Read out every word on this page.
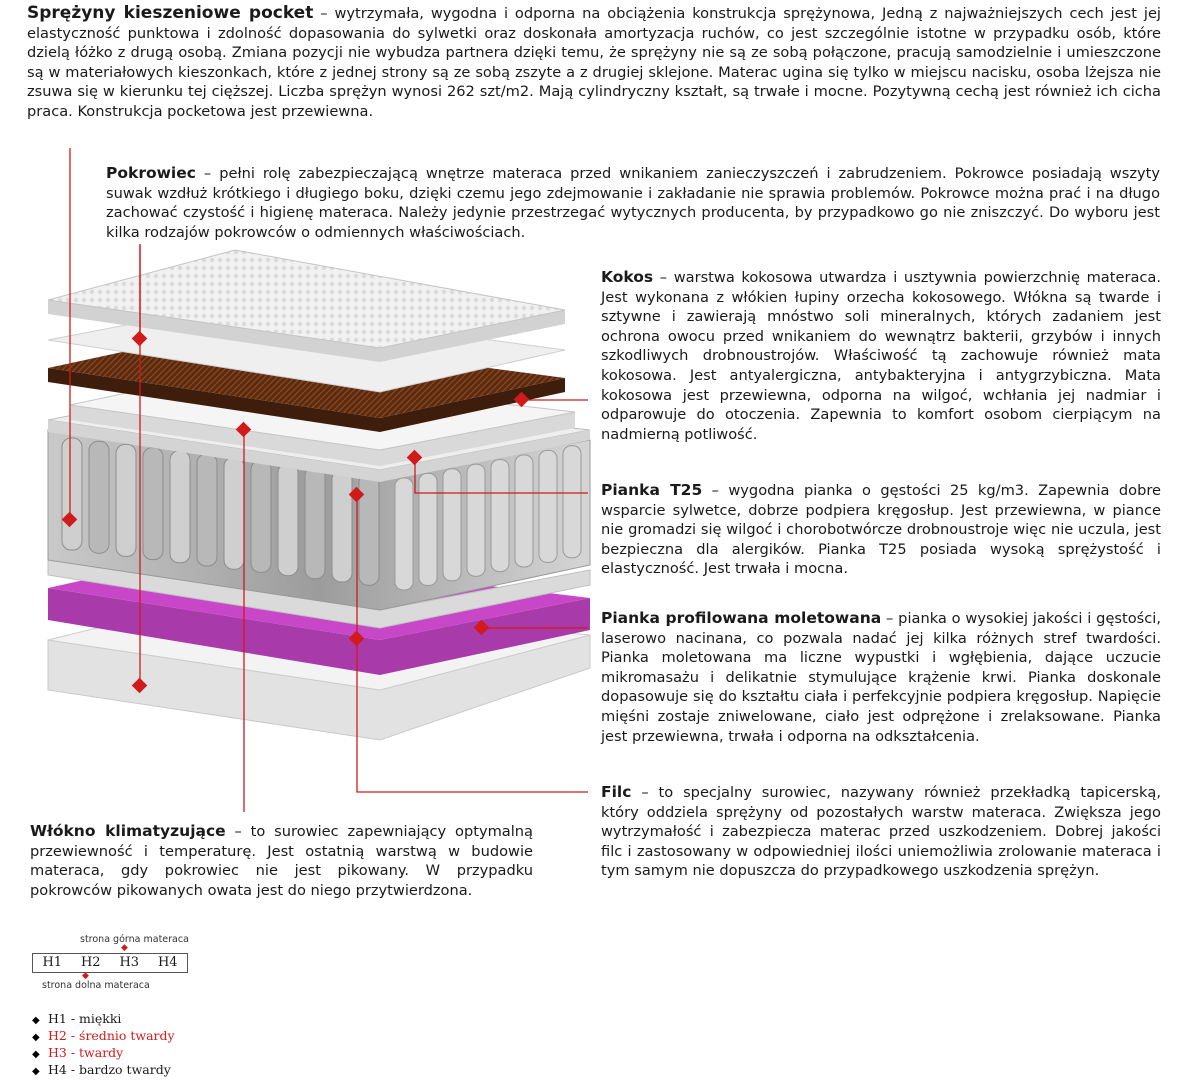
Sprężyny kieszeniowe pocket – wytrzymała, wygodna i odporna na obciążenia konstrukcja sprężynowa, Jedną z najważniejszych cech jest jej elastyczność punktowa i zdolność dopasowania do sylwetki oraz doskonała amortyzacja ruchów, co jest szczególnie istotne w przypadku osób, które dzielą łóżko z drugą osobą. Zmiana pozycji nie wybudza partnera dzięki temu, że sprężyny nie są ze sobą połączone, pracują samodzielnie i umieszczone są w materiałowych kieszonkach, które z jednej strony są ze sobą zszyte a z drugiej sklejone. Materac ugina się tylko w miejscu nacisku, osoba lżejsza nie zsuwa się w kierunku tej cięższej. Liczba sprężyn wynosi 262 szt/m2. Mają cylindryczny kształt, są trwałe i mocne. Pozytywną cechą jest również ich cicha praca. Konstrukcja pocketowa jest przewiewna.

Pokrowiec – pełni rolę zabezpieczającą wnętrze materaca przed wnikaniem zanieczyszczeń i zabrudzeniem. Pokrowce posiadają wszyty suwak wzdłuż krótkiego i długiego boku, dzięki czemu jego zdejmowanie i zakładanie nie sprawia problemów. Pokrowce można prać i na długo zachować czystość i higienę materaca. Należy jedynie przestrzegać wytycznych producenta, by przypadkowo go nie zniszczyć. Do wyboru jest kilka rodzajów pokrowców o odmiennych właściwościach.

Kokos – warstwa kokosowa utwardza i usztywnia powierzchnię materaca. Jest wykonana z włókien łupiny orzecha kokosowego. Włókna są twarde i sztywne i zawierają mnóstwo soli mineralnych, których zadaniem jest ochrona owocu przed wnikaniem do wewnątrz bakterii, grzybów i innych szkodliwych drobnoustrojów. Właściwość tą zachowuje również mata kokosowa. Jest antyalergiczna, antybakteryjna i antygrzybiczna. Mata kokosowa jest przewiewna, odporna na wilgoć, wchłania jej nadmiar i odparowuje do otoczenia. Zapewnia to komfort osobom cierpiącym na nadmierną potliwość.

Pianka T25 – wygodna pianka o gęstości 25 kg/m3. Zapewnia dobre wsparcie sylwetce, dobrze podpiera kręgosłup. Jest przewiewna, w piance nie gromadzi się wilgoć i chorobotwórcze drobnoustroje więc nie uczula, jest bezpieczna dla alergików. Pianka T25 posiada wysoką sprężystość i elastyczność. Jest trwała i mocna.

Pianka profilowana moletowana – pianka o wysokiej jakości i gęstości, laserowo nacinana, co pozwala nadać jej kilka różnych stref twardości. Pianka moletowana ma liczne wypustki i wgłębienia, dające uczucie mikromasażu i delikatnie stymulujące krążenie krwi. Pianka doskonale dopasowuje się do kształtu ciała i perfekcyjnie podpiera kręgosłup. Napięcie mięśni zostaje zniwelowane, ciało jest odprężone i zrelaksowane. Pianka jest przewiewna, trwała i odporna na odkształcenia.

Filc – to specjalny surowiec, nazywany również przekładką tapicerską, który oddziela sprężyny od pozostałych warstw materaca. Zwiększa jego wytrzymałość i zabezpiecza materac przed uszkodzeniem. Dobrej jakości filc i zastosowany w odpowiedniej ilości uniemożliwia zrolowanie materaca i tym samym nie dopuszcza do przypadkowego uszkodzenia sprężyn.

Włókno klimatyzujące – to surowiec zapewniający optymalną przewiewność i temperaturę. Jest ostatnią warstwą w budowie materaca, gdy pokrowiec nie jest pikowany. W przypadku pokrowców pikowanych owata jest do niego przytwierdzona.

strona górna materaca
◆
H1	H2	H3	H4
◆
strona dolna materaca
◆ H1 - miękki
◆ H2 - średnio twardy
◆ H3 - twardy
◆ H4 - bardzo twardy
